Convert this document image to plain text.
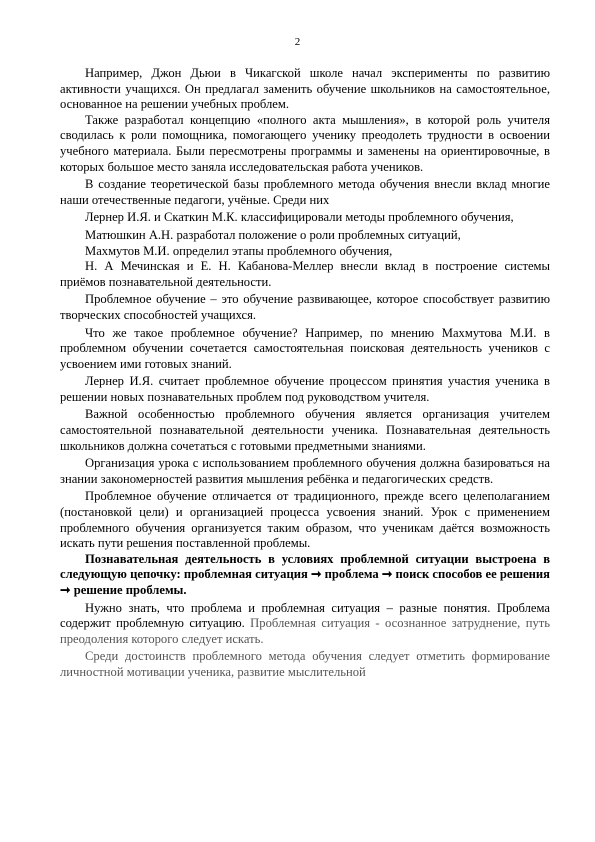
2

Например, Джон Дьюи в Чикагской школе начал эксперименты по развитию активности учащихся. Он предлагал заменить обучение школьников на самостоятельное, основанное на решении учебных проблем.

Также разработал концепцию «полного акта мышления», в которой роль учителя сводилась к роли помощника, помогающего ученику преодолеть трудности в освоении учебного материала. Были пересмотрены программы и заменены на ориентировочные, в которых большое место заняла исследовательская работа учеников.

В создание теоретической базы проблемного метода обучения внесли вклад многие наши отечественные педагоги, учёные. Среди них

Лернер И.Я. и Скаткин М.К. классифицировали методы проблемного обучения,

Матюшкин А.Н. разработал положение о роли проблемных ситуаций,

Махмутов М.И. определил этапы проблемного обучения,

Н. А Мечинская и Е. Н. Кабанова-Меллер внесли вклад в построение системы приёмов познавательной деятельности.

Проблемное обучение – это обучение развивающее, которое способствует развитию творческих способностей учащихся.

Что же такое проблемное обучение? Например, по мнению Махмутова М.И. в проблемном обучении сочетается самостоятельная поисковая деятельность учеников с усвоением ими готовых знаний.

Лернер И.Я. считает проблемное обучение процессом принятия участия ученика в решении новых познавательных проблем под руководством учителя.

Важной особенностью проблемного обучения является организация учителем самостоятельной познавательной деятельности ученика. Познавательная деятельность школьников должна сочетаться с готовыми предметными знаниями.

Организация урока с использованием проблемного обучения должна базироваться на знании закономерностей развития мышления ребёнка и педагогических средств.

Проблемное обучение отличается от традиционного, прежде всего целеполаганием (постановкой цели) и организацией процесса усвоения знаний. Урок с применением проблемного обучения организуется таким образом, что ученикам даётся возможность искать пути решения поставленной проблемы.

Познавательная деятельность в условиях проблемной ситуации выстроена в следующую цепочку: проблемная ситуация ➞ проблема ➞ поиск способов ее решения ➞ решение проблемы.

Нужно знать, что проблема и проблемная ситуация – разные понятия. Проблема содержит проблемную ситуацию. Проблемная ситуация - осознанное затруднение, путь преодоления которого следует искать.

Среди достоинств проблемного метода обучения следует отметить формирование личностной мотивации ученика, развитие мыслительной
